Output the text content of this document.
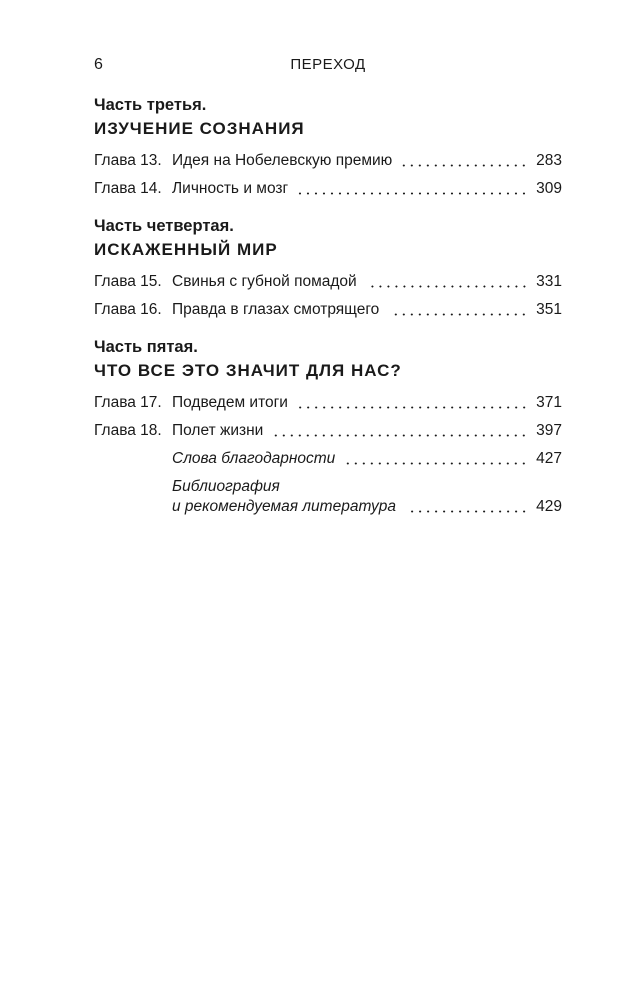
6	ПЕРЕХОД
Часть третья.
ИЗУЧЕНИЕ СОЗНАНИЯ
Глава 13. Идея на Нобелевскую премию	283
Глава 14. Личность и мозг	309
Часть четвертая.
ИСКАЖЕННЫЙ МИР
Глава 15. Свинья с губной помадой	331
Глава 16. Правда в глазах смотрящего	351
Часть пятая.
ЧТО ВСЕ ЭТО ЗНАЧИТ ДЛЯ НАС?
Глава 17. Подведем итоги	371
Глава 18. Полет жизни	397
Слова благодарности	427
Библиография
и рекомендуемая литература	429
